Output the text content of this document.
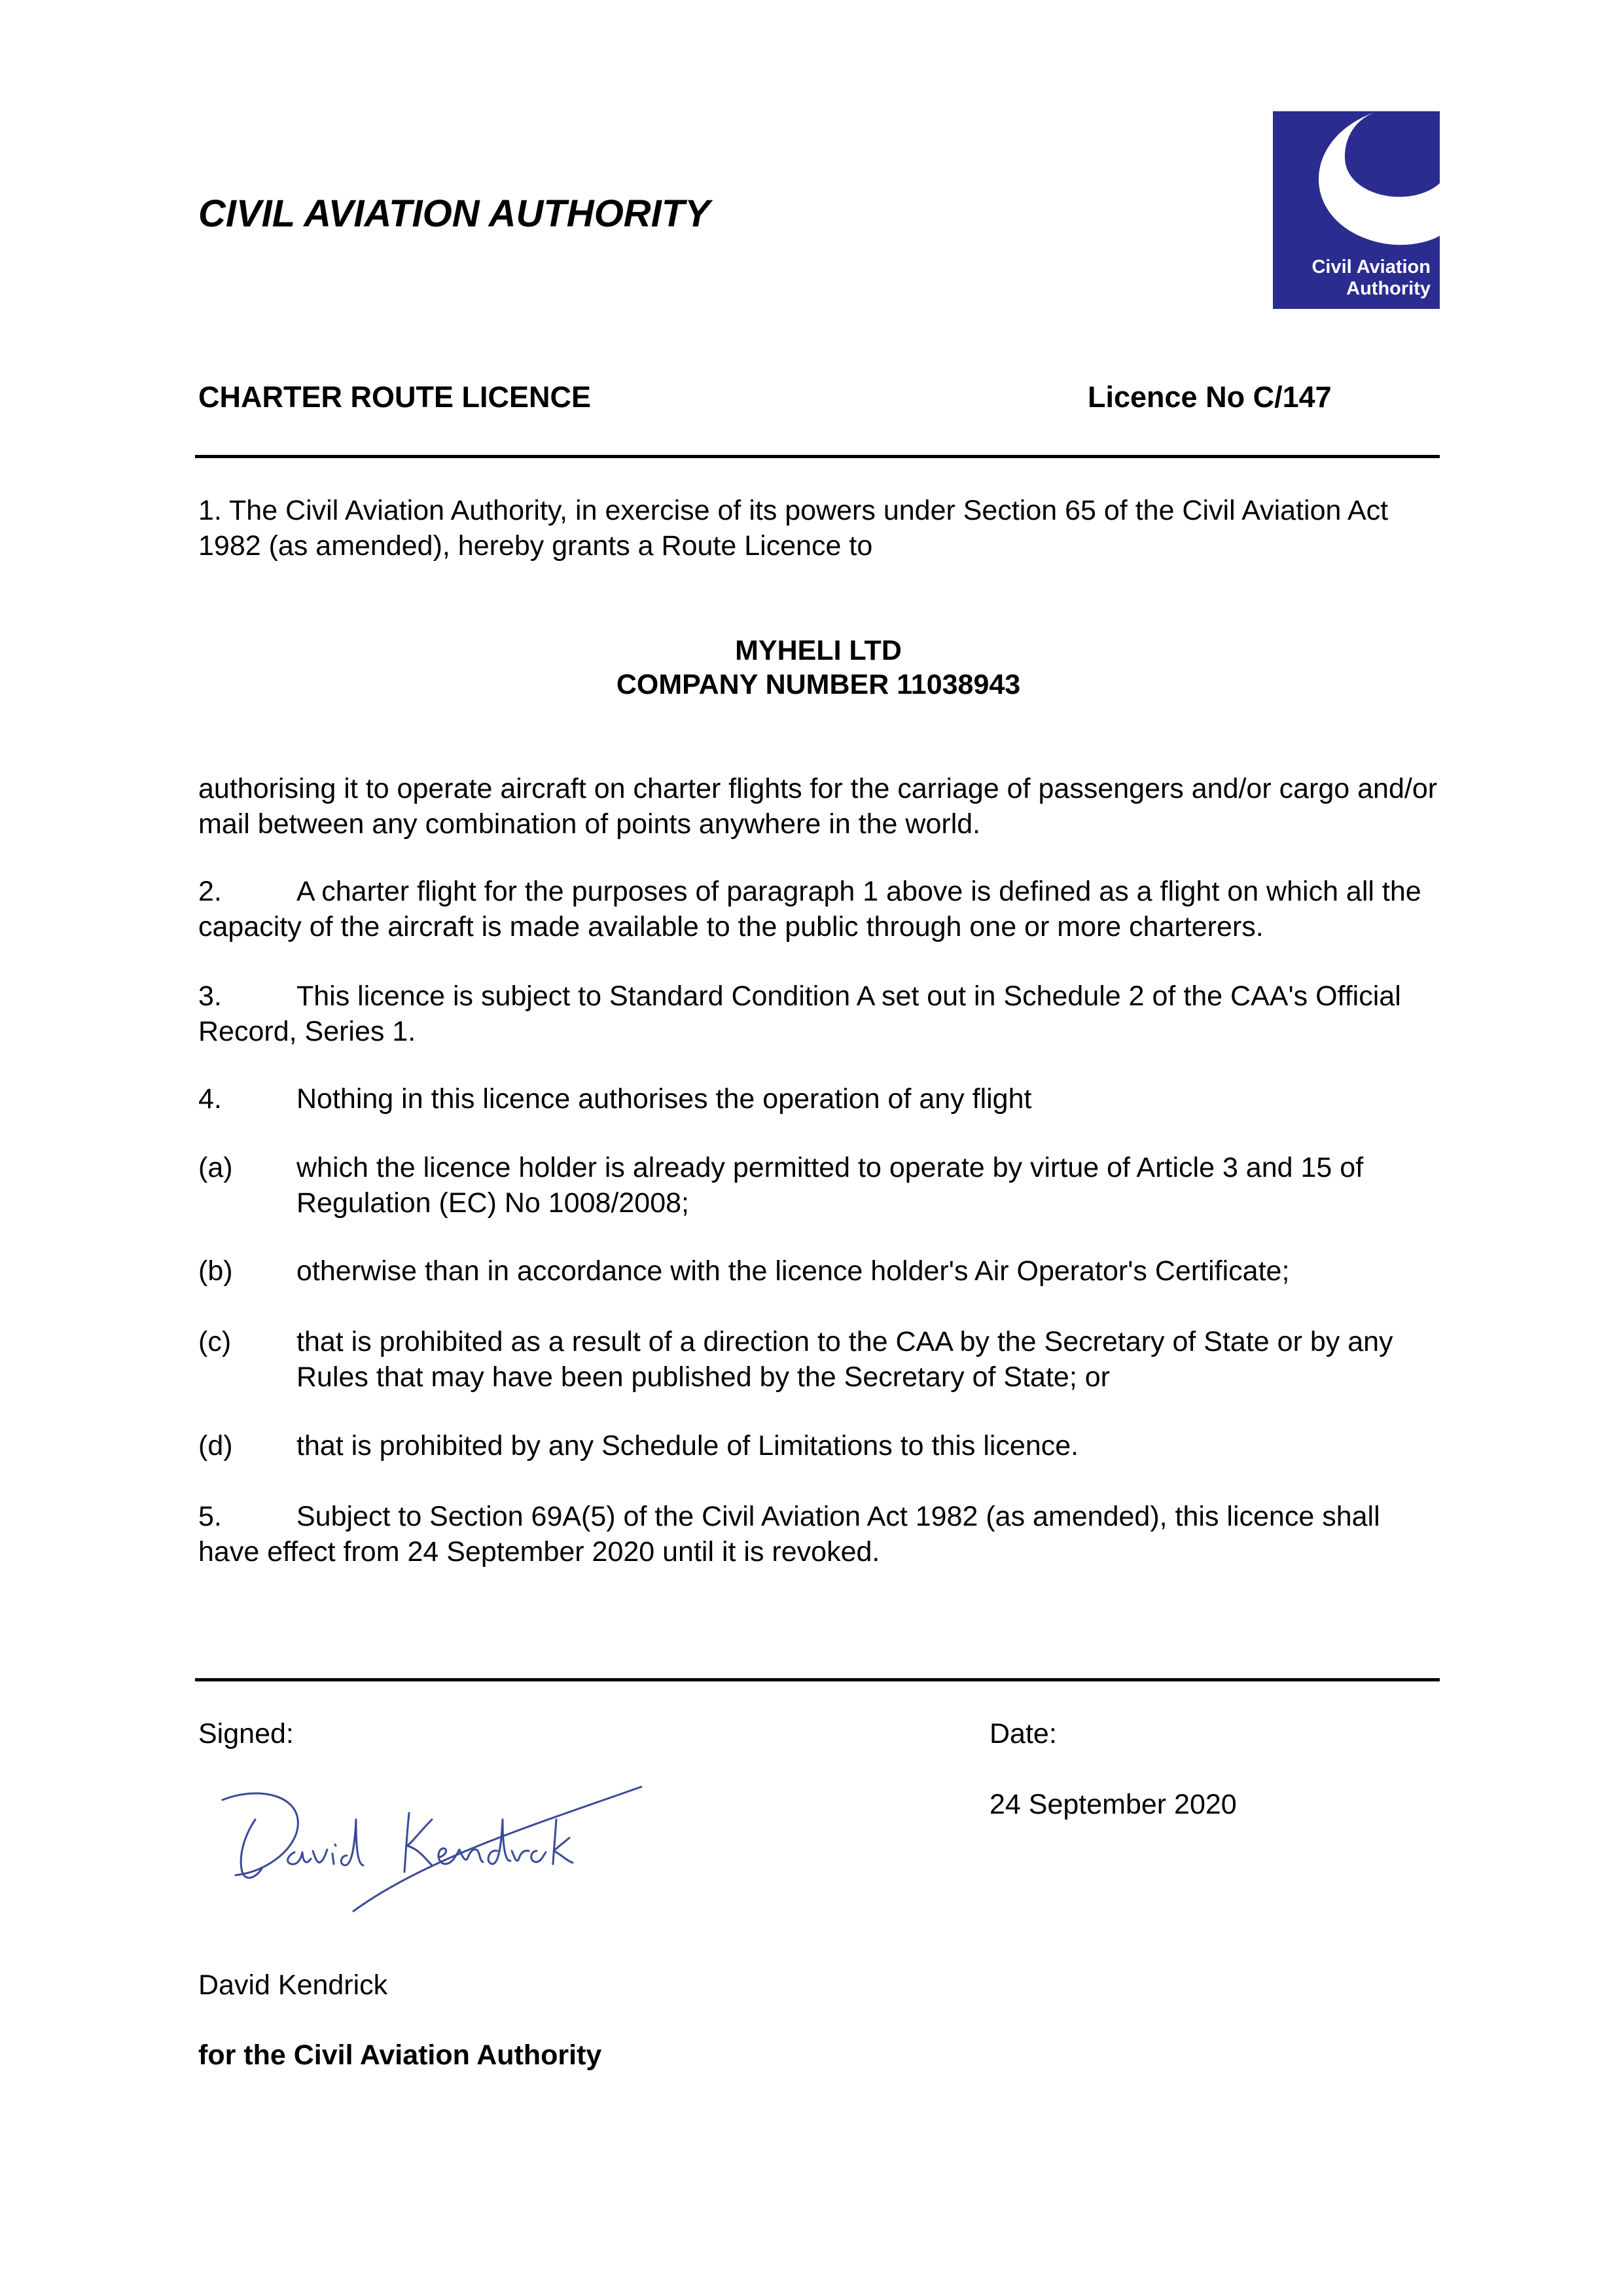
CIVIL AVIATION AUTHORITY
Civil Aviation
Authority
CHARTER ROUTE LICENCE	Licence No C/147
1. The Civil Aviation Authority, in exercise of its powers under Section 65 of the Civil Aviation Act 1982 (as amended), hereby grants a Route Licence to
MYHELI LTD
COMPANY NUMBER 11038943
authorising it to operate aircraft on charter flights for the carriage of passengers and/or cargo and/or mail between any combination of points anywhere in the world.
2.	A charter flight for the purposes of paragraph 1 above is defined as a flight on which all the capacity of the aircraft is made available to the public through one or more charterers.
3.	This licence is subject to Standard Condition A set out in Schedule 2 of the CAA's Official Record, Series 1.
4.	Nothing in this licence authorises the operation of any flight
(a) which the licence holder is already permitted to operate by virtue of Article 3 and 15 of Regulation (EC) No 1008/2008;
(b) otherwise than in accordance with the licence holder's Air Operator's Certificate;
(c) that is prohibited as a result of a direction to the CAA by the Secretary of State or by any Rules that may have been published by the Secretary of State; or
(d) that is prohibited by any Schedule of Limitations to this licence.
5.	Subject to Section 69A(5) of the Civil Aviation Act 1982 (as amended), this licence shall have effect from 24 September 2020 until it is revoked.
Signed:	Date:
24 September 2020
David Kendrick
for the Civil Aviation Authority
